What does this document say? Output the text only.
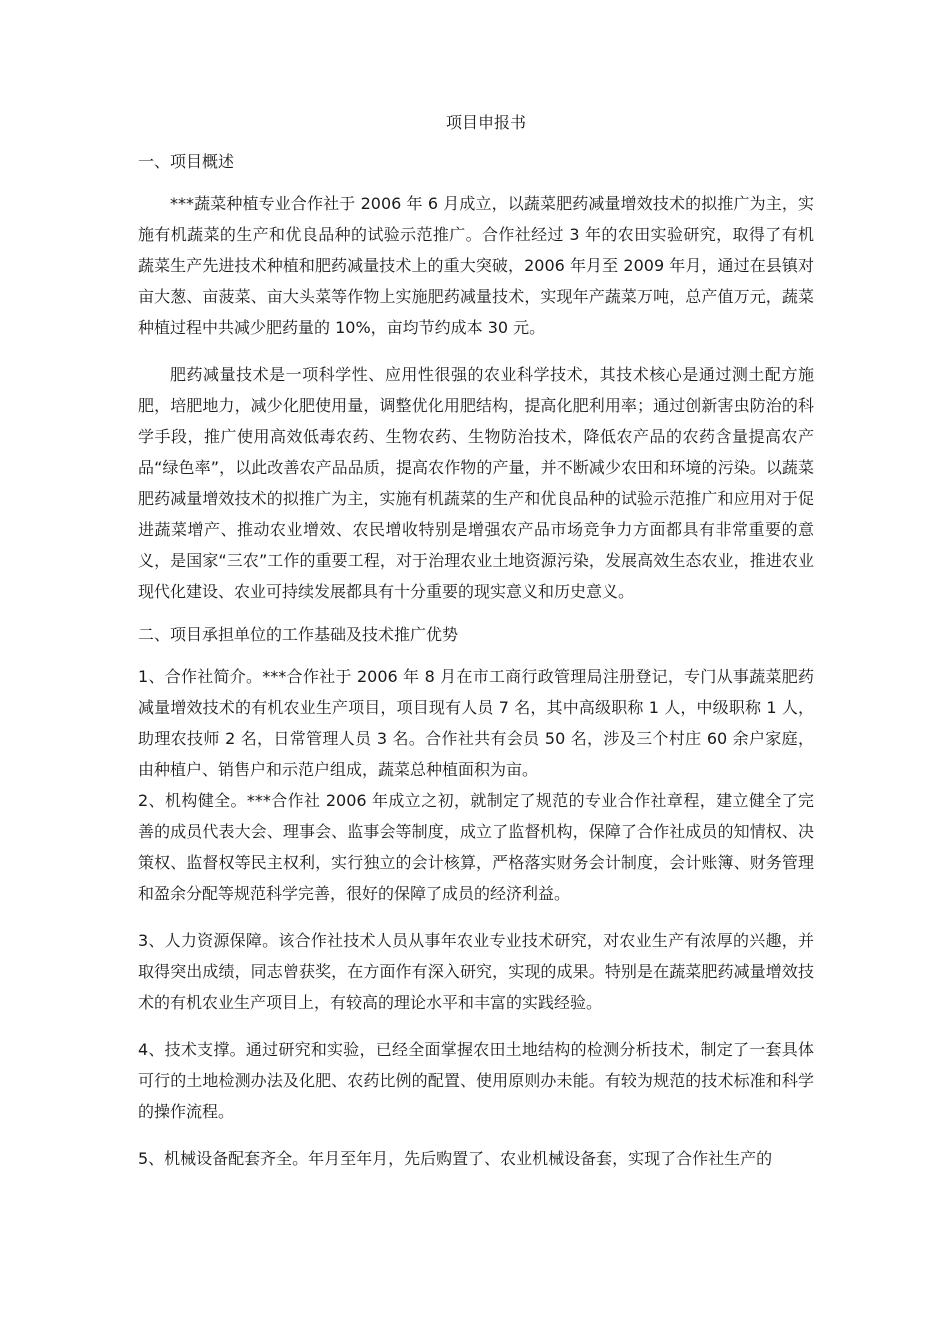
项目申报书
一、项目概述

***蔬菜种植专业合作社于 2006 年 6 月成立，以蔬菜肥药减量增效技术的拟推广为主，实施有机蔬菜的生产和优良品种的试验示范推广。合作社经过 3 年的农田实验研究，取得了有机蔬菜生产先进技术种植和肥药减量技术上的重大突破，2006 年月至 2009 年月，通过在县镇对亩大葱、亩菠菜、亩大头菜等作物上实施肥药减量技术，实现年产蔬菜万吨，总产值万元，蔬菜种植过程中共减少肥药量的 10%，亩均节约成本 30 元。

肥药减量技术是一项科学性、应用性很强的农业科学技术，其技术核心是通过测土配方施肥，培肥地力，减少化肥使用量，调整优化用肥结构，提高化肥利用率；通过创新害虫防治的科学手段，推广使用高效低毒农药、生物农药、生物防治技术，降低农产品的农药含量提高农产品“绿色率”，以此改善农产品品质，提高农作物的产量，并不断减少农田和环境的污染。以蔬菜肥药减量增效技术的拟推广为主，实施有机蔬菜的生产和优良品种的试验示范推广和应用对于促进蔬菜增产、推动农业增效、农民增收特别是增强农产品市场竞争力方面都具有非常重要的意义，是国家“三农”工作的重要工程，对于治理农业土地资源污染，发展高效生态农业，推进农业现代化建设、农业可持续发展都具有十分重要的现实意义和历史意义。

二、项目承担单位的工作基础及技术推广优势

1、合作社简介。***合作社于 2006 年 8 月在市工商行政管理局注册登记，专门从事蔬菜肥药减量增效技术的有机农业生产项目，项目现有人员 7 名，其中高级职称 1 人，中级职称 1 人，助理农技师 2 名，日常管理人员 3 名。合作社共有会员 50 名，涉及三个村庄 60 余户家庭，由种植户、销售户和示范户组成，蔬菜总种植面积为亩。

2、机构健全。***合作社 2006 年成立之初，就制定了规范的专业合作社章程，建立健全了完善的成员代表大会、理事会、监事会等制度，成立了监督机构，保障了合作社成员的知情权、决策权、监督权等民主权利，实行独立的会计核算，严格落实财务会计制度，会计账簿、财务管理和盈余分配等规范科学完善，很好的保障了成员的经济利益。

3、人力资源保障。该合作社技术人员从事年农业专业技术研究，对农业生产有浓厚的兴趣，并取得突出成绩，同志曾获奖，在方面作有深入研究，实现的成果。特别是在蔬菜肥药减量增效技术的有机农业生产项目上，有较高的理论水平和丰富的实践经验。

4、技术支撑。通过研究和实验，已经全面掌握农田土地结构的检测分析技术，制定了一套具体可行的土地检测办法及化肥、农药比例的配置、使用原则办未能。有较为规范的技术标准和科学的操作流程。

5、机械设备配套齐全。年月至年月，先后购置了、农业机械设备套，实现了合作社生产的
